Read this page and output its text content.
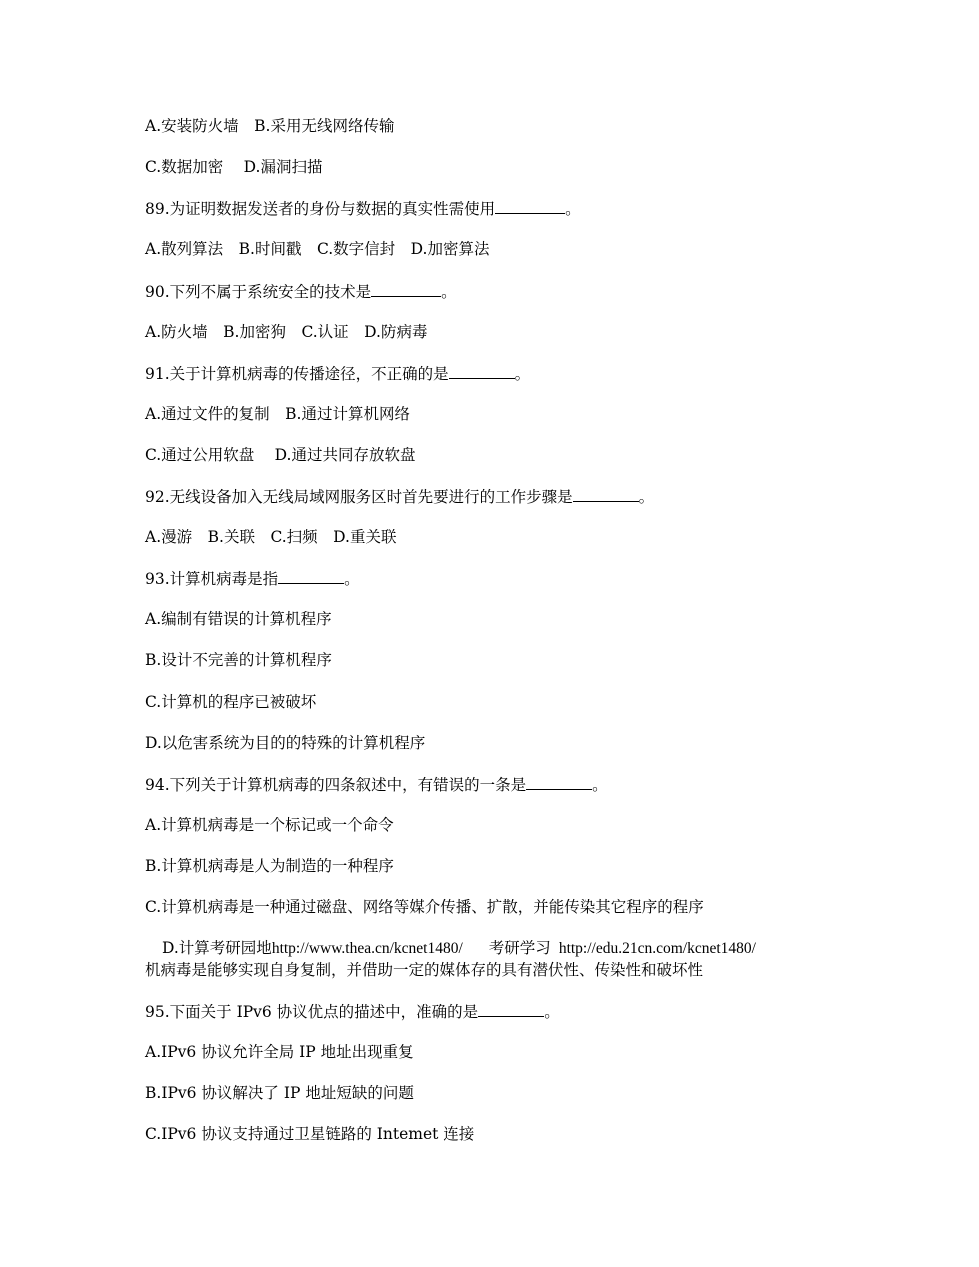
A.安装防火墙　B.采用无线网络传输
C.数据加密　 D.漏洞扫描
89.为证明数据发送者的身份与数据的真实性需使用	。
A.散列算法　B.时间戳　C.数字信封　D.加密算法
90.下列不属于系统安全的技术是	。
A.防火墙　B.加密狗　C.认证　D.防病毒
91.关于计算机病毒的传播途径，不正确的是	。
A.通过文件的复制　B.通过计算机网络
C.通过公用软盘　 D.通过共同存放软盘
92.无线设备加入无线局域网服务区时首先要进行的工作步骤是	。
A.漫游　B.关联　C.扫频　D.重关联
93.计算机病毒是指	。
A.编制有错误的计算机程序
B.设计不完善的计算机程序
C.计算机的程序已被破坏
D.以危害系统为目的的特殊的计算机程序
94.下列关于计算机病毒的四条叙述中，有错误的一条是	。
A.计算机病毒是一个标记或一个命令
B.计算机病毒是人为制造的一种程序
C.计算机病毒是一种通过磁盘、网络等媒介传播、扩散，并能传染其它程序的程序
D.计算考研园地http://www.thea.cn/kcnet1480/ 考研学习 http://edu.21cn.com/kcnet1480/
机病毒是能够实现自身复制，并借助一定的媒体存的具有潜伏性、传染性和破坏性
95.下面关于 IPv6 协议优点的描述中，准确的是	。
A.IPv6 协议允许全局 IP 地址出现重复
B.IPv6 协议解决了 IP 地址短缺的问题
C.IPv6 协议支持通过卫星链路的 Intemet 连接
